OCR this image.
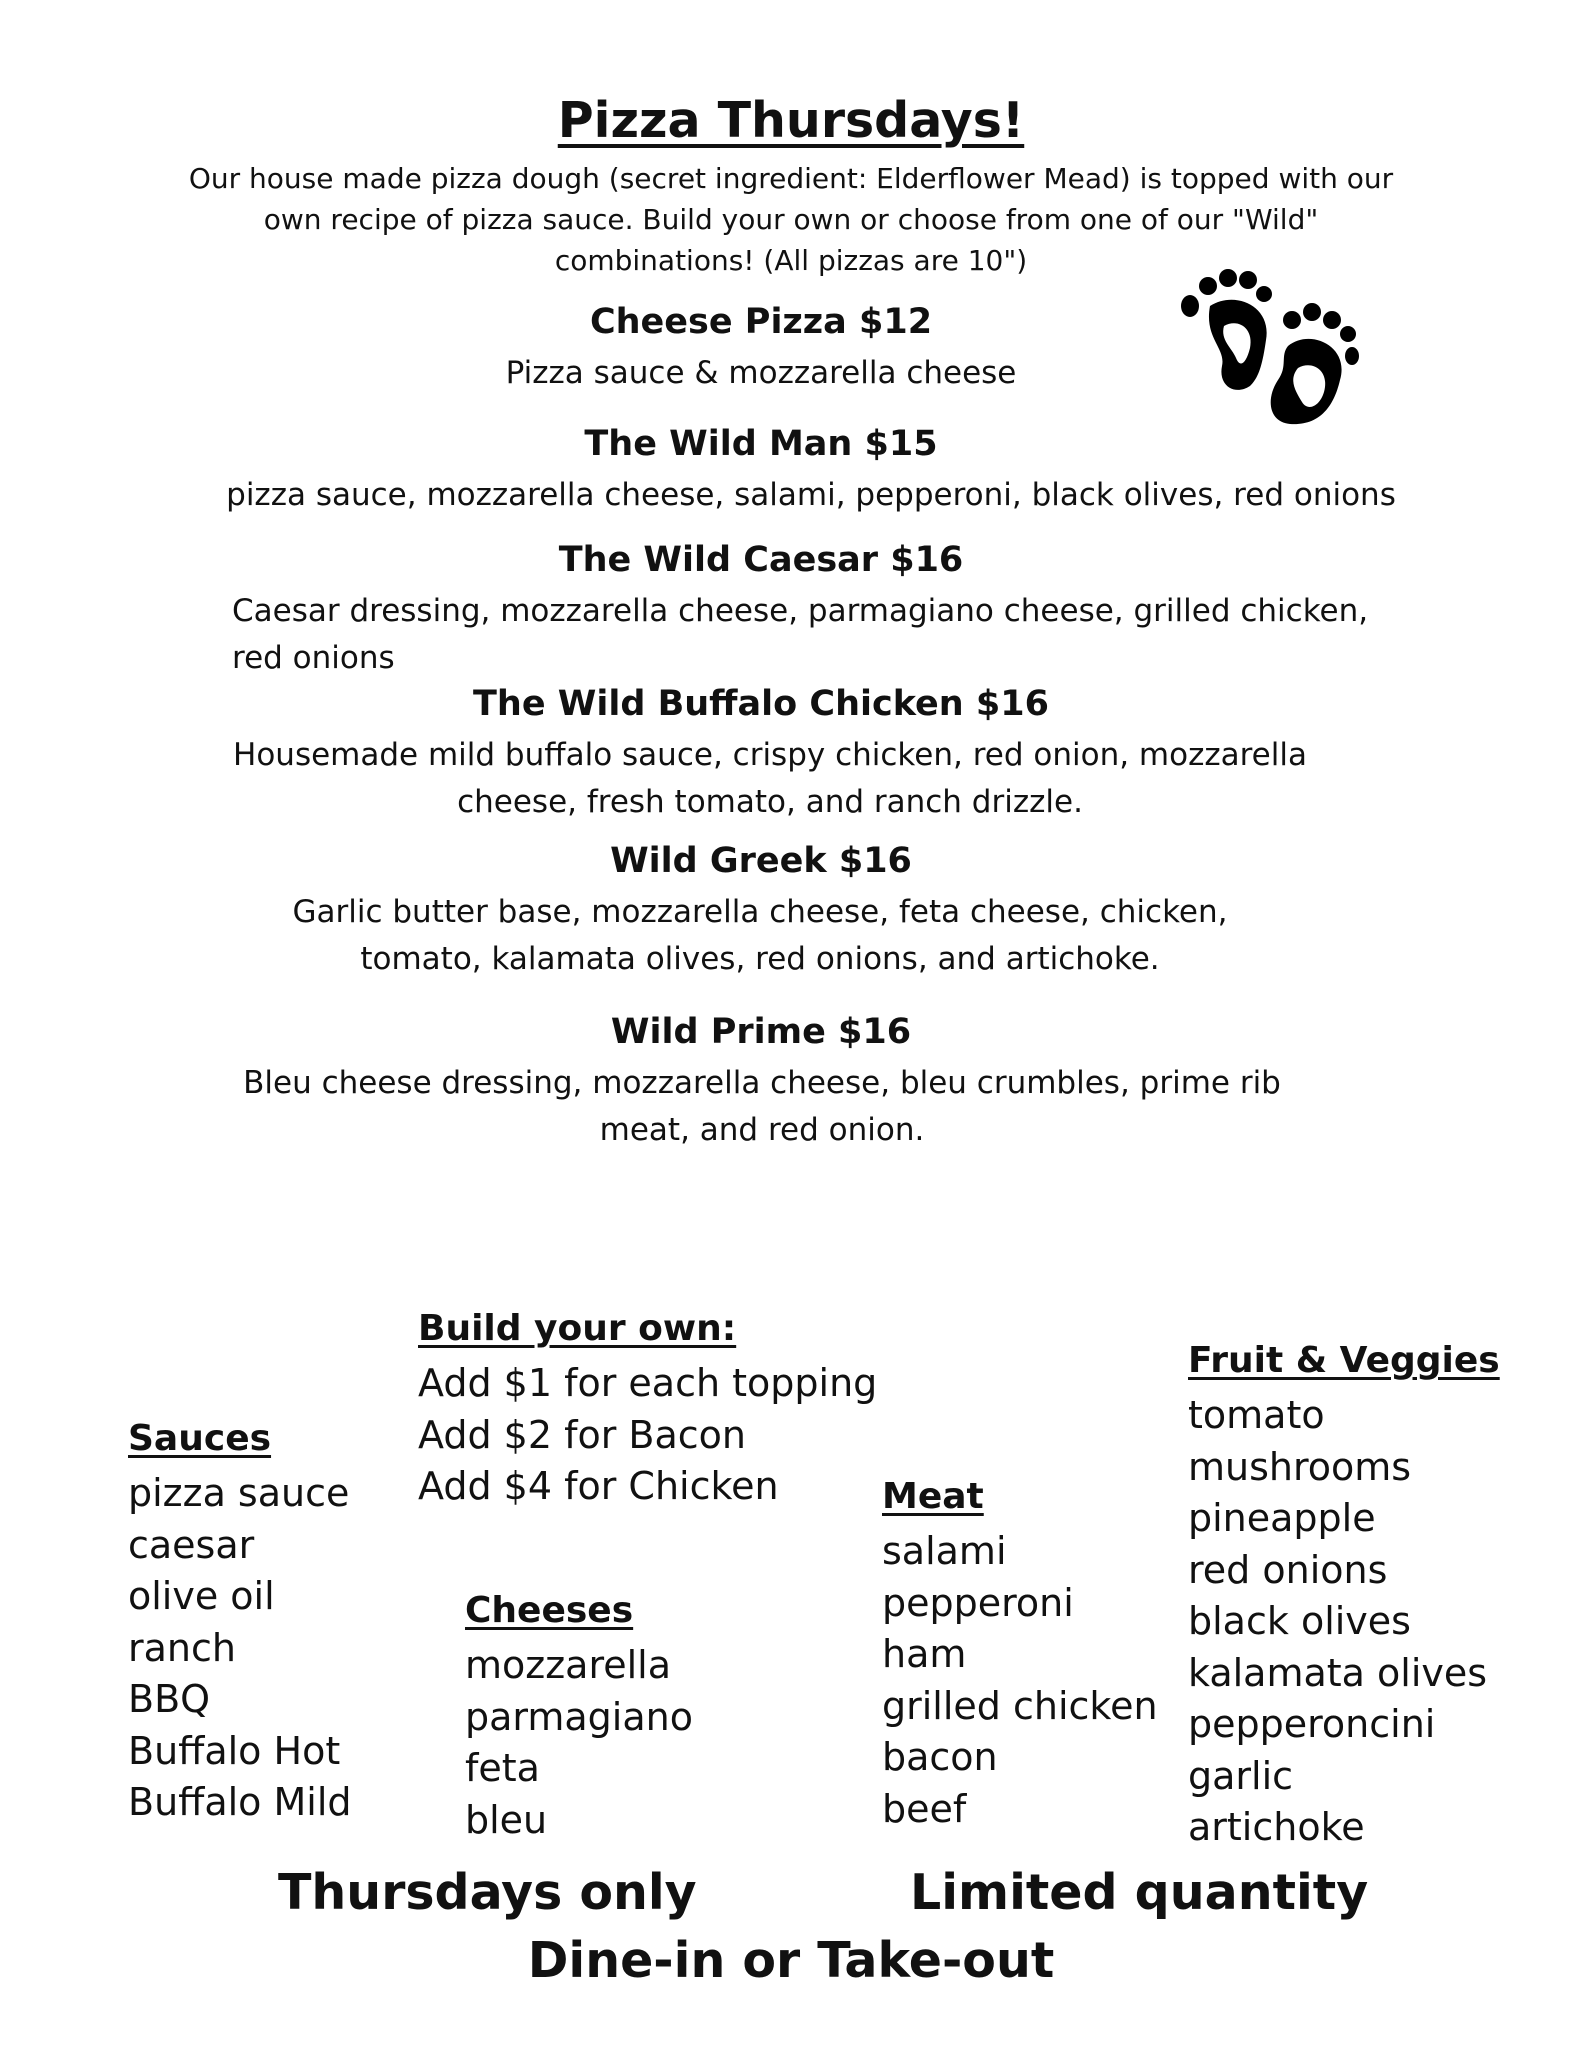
Pizza Thursdays!
Our house made pizza dough (secret ingredient: Elderflower Mead) is topped with our own recipe of pizza sauce. Build your own or choose from one of our "Wild" combinations! (All pizzas are 10")
Cheese Pizza $12
Pizza sauce & mozzarella cheese
The Wild Man $15
pizza sauce, mozzarella cheese, salami, pepperoni, black olives, red onions
The Wild Caesar $16
Caesar dressing, mozzarella cheese, parmagiano cheese, grilled chicken, red onions
The Wild Buffalo Chicken $16
Housemade mild buffalo sauce, crispy chicken, red onion, mozzarella cheese, fresh tomato, and ranch drizzle.
Wild Greek $16
Garlic butter base, mozzarella cheese, feta cheese, chicken, tomato, kalamata olives, red onions, and artichoke.
Wild Prime $16
Bleu cheese dressing, mozzarella cheese, bleu crumbles, prime rib meat, and red onion.
Build your own:
Add $1 for each topping
Add $2 for Bacon
Add $4 for Chicken
Sauces
pizza sauce
caesar
olive oil
ranch
BBQ
Buffalo Hot
Buffalo Mild
Cheeses
mozzarella
parmagiano
feta
bleu
Meat
salami
pepperoni
ham
grilled chicken
bacon
beef
Fruit & Veggies
tomato
mushrooms
pineapple
red onions
black olives
kalamata olives
pepperoncini
garlic
artichoke
Thursdays only	Limited quantity
Dine-in or Take-out
